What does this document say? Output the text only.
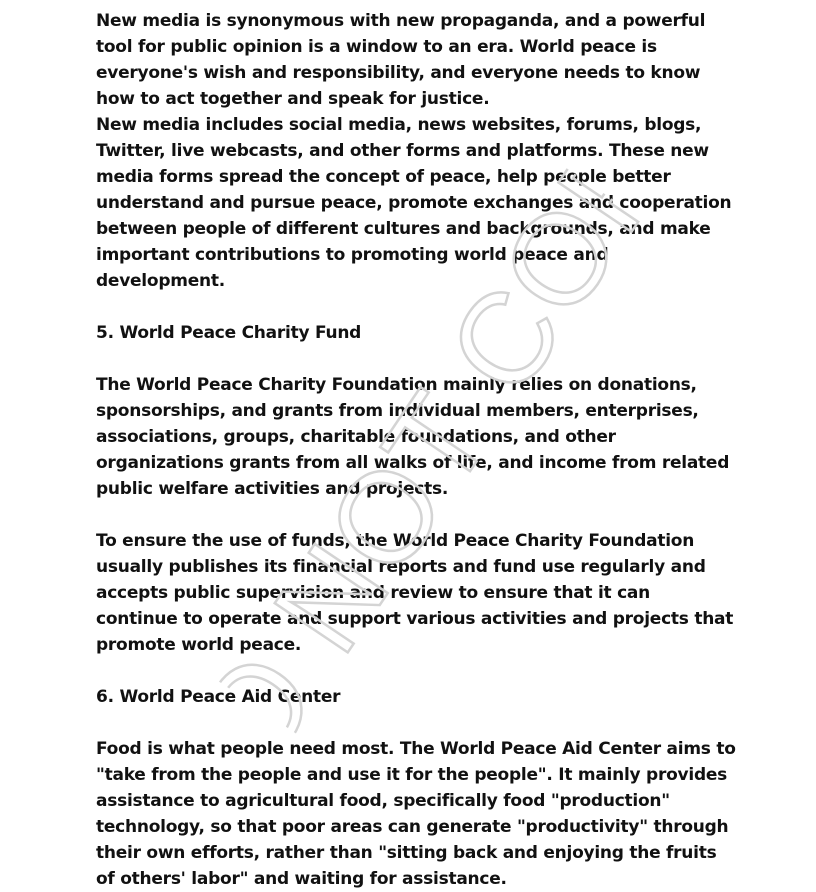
New media is synonymous with new propaganda, and a powerful tool for public opinion is a window to an era. World peace is everyone's wish and responsibility, and everyone needs to know how to act together and speak for justice.

New media includes social media, news websites, forums, blogs, Twitter, live webcasts, and other forms and platforms. These new media forms spread the concept of peace, help people better understand and pursue peace, promote exchanges and cooperation between people of different cultures and backgrounds, and make important contributions to promoting world peace and development.

5. World Peace Charity Fund

The World Peace Charity Foundation mainly relies on donations, sponsorships, and grants from individual members, enterprises, associations, groups, charitable foundations, and other organizations grants from all walks of life, and income from related public welfare activities and projects.

To ensure the use of funds, the World Peace Charity Foundation usually publishes its financial reports and fund use regularly and accepts public supervision and review to ensure that it can continue to operate and support various activities and projects that promote world peace.

6. World Peace Aid Center

Food is what people need most. The World Peace Aid Center aims to "take from the people and use it for the people". It mainly provides assistance to agricultural food, specifically food "production" technology, so that poor areas can generate "productivity" through their own efforts, rather than "sitting back and enjoying the fruits of others' labor" and waiting for assistance.

NOT COPY
